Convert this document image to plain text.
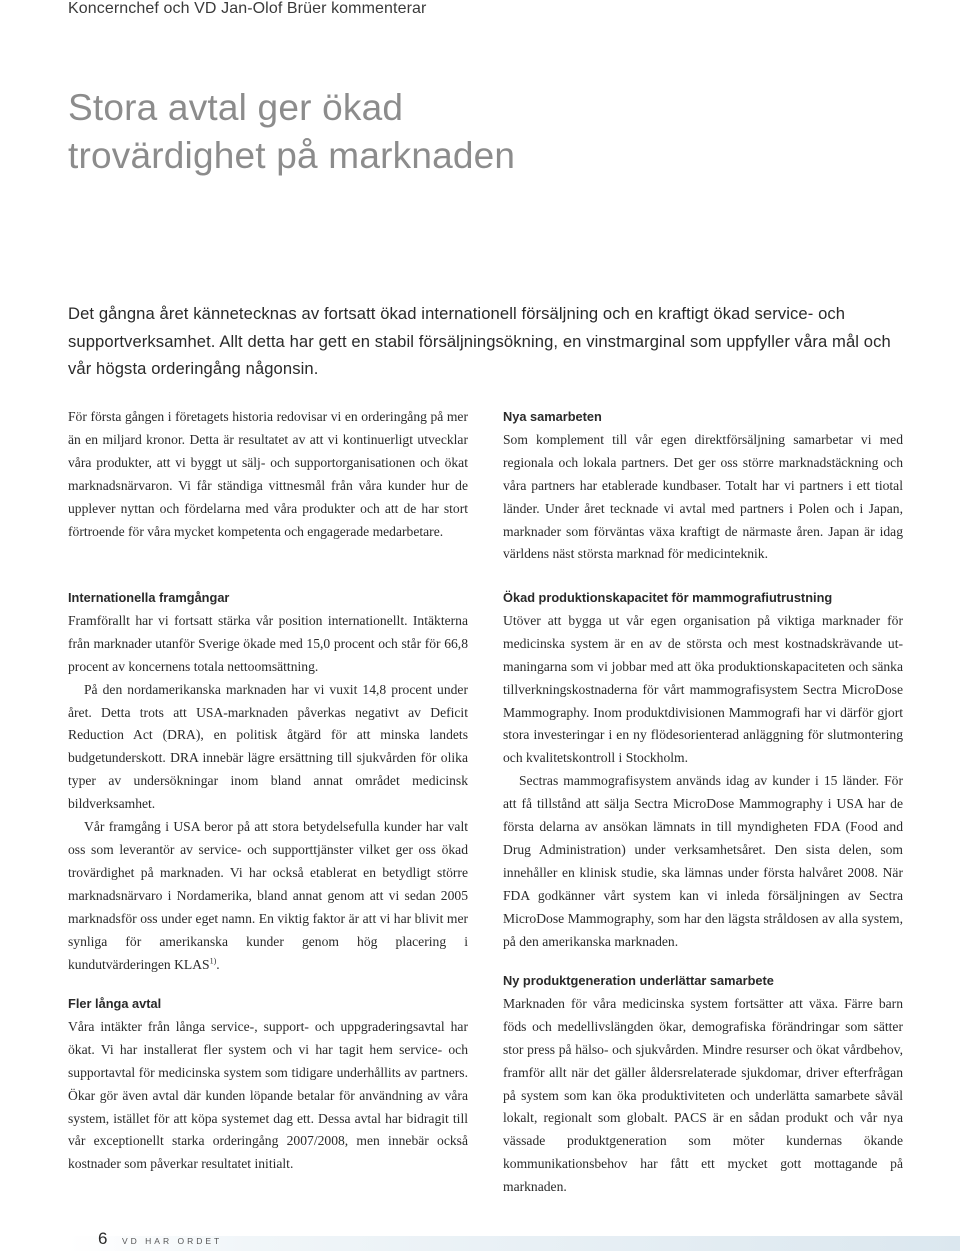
Koncernchef och VD Jan-Olof Brüer kommenterar
Stora avtal ger ökad
trovärdighet på marknaden
Det gångna året kännetecknas av fortsatt ökad internationell försäljning och en kraftigt ökad service- och supportverksamhet. Allt detta har gett en stabil försäljningsökning, en vinstmarginal som uppfyller våra mål och vår högsta orderingång någonsin.

För första gången i företagets historia redovisar vi en orderingång på mer än en miljard kronor. Detta är resultatet av att vi kontinuerligt utvecklar våra produkter, att vi byggt ut sälj- och supportorganisationen och ökat marknadsnärvaron. Vi får ständiga vittnesmål från våra kunder hur de upplever nyttan och fördelarna med våra produkter och att de har stort förtroende för våra mycket kompetenta och engagerade medarbetare.

Internationella framgångar

Framförallt har vi fortsatt stärka vår position internationellt. Intäkterna från marknader utanför Sverige ökade med 15,0 procent och står för 66,8 procent av koncernens totala nettoomsättning.

På den nordamerikanska marknaden har vi vuxit 14,8 procent under året. Detta trots att USA-marknaden påverkas negativt av Deficit Reduction Act (DRA), en politisk åtgärd för att minska landets budgetunderskott. DRA innebär lägre ersättning till sjukvården för olika typer av undersökningar inom bland annat området medicinsk bildverksamhet.

Vår framgång i USA beror på att stora betydelsefulla kunder har valt oss som leverantör av service- och supporttjänster vilket ger oss ökad trovärdighet på marknaden. Vi har också etablerat en betydligt större marknadsnärvaro i Nordamerika, bland annat genom att vi sedan 2005 marknadsför oss under eget namn. En viktig faktor är att vi har blivit mer synliga för amerikanska kunder genom hög placering i kundutvärderingen KLAS$^{1)}$.

Fler långa avtal

Våra intäkter från långa service-, support- och uppgraderingsavtal har ökat. Vi har installerat fler system och vi har tagit hem service- och supportavtal för medicinska system som tidigare underhållits av partners. Ökar gör även avtal där kunden löpande betalar för användning av våra system, istället för att köpa systemet dag ett. Dessa avtal har bidragit till vår exceptionellt starka orderingång 2007/2008, men innebär också kostnader som påverkar resultatet initialt.

Nya samarbeten

Som komplement till vår egen direktförsäljning samarbetar vi med regionala och lokala partners. Det ger oss större marknadstäckning och våra partners har etablerade kundbaser. Totalt har vi partners i ett tiotal länder. Under året tecknade vi avtal med partners i Polen och i Japan, marknader som förväntas växa kraftigt de närmaste åren. Japan är idag världens näst största marknad för medicinteknik.

Ökad produktionskapacitet för mammografiutrustning

Utöver att bygga ut vår egen organisation på viktiga marknader för medicinska system är en av de största och mest kostnadskrävande utmaningarna som vi jobbar med att öka produktionskapaciteten och sänka tillverkningskostnaderna för vårt mammografisystem Sectra MicroDose Mammography. Inom produktdivisionen Mammografi har vi därför gjort stora investeringar i en ny flödesorienterad anläggning för slutmontering och kvalitetskontroll i Stockholm.

Sectras mammografisystem används idag av kunder i 15 länder. För att få tillstånd att sälja Sectra MicroDose Mammography i USA har de första delarna av ansökan lämnats in till myndigheten FDA (Food and Drug Administration) under verksamhetsåret. Den sista delen, som innehåller en klinisk studie, ska lämnas under första halvåret 2008. När FDA godkänner vårt system kan vi inleda försäljningen av Sectra MicroDose Mammography, som har den lägsta stråldosen av alla system, på den amerikanska marknaden.

Ny produktgeneration underlättar samarbete

Marknaden för våra medicinska system fortsätter att växa. Färre barn föds och medellivslängden ökar, demografiska förändringar som sätter stor press på hälso- och sjukvården. Mindre resurser och ökat vårdbehov, framför allt när det gäller åldersrelaterade sjukdomar, driver efterfrågan på system som kan öka produktiviteten och underlätta samarbete såväl lokalt, regionalt som globalt. PACS är en sådan produkt och vår nya vässade produktgeneration som möter kundernas ökande kommunikationsbehov har fått ett mycket gott mottagande på marknaden.

6 VD HAR ORDET
